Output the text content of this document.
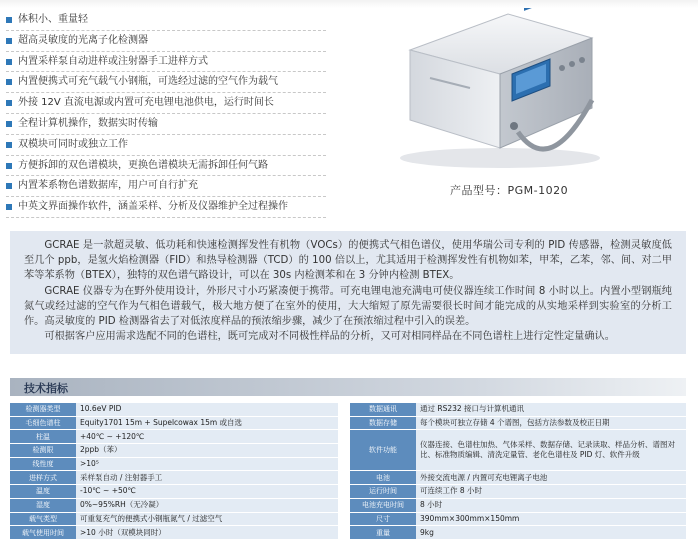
体积小、重量轻
超高灵敏度的光离子化检测器
内置采样泵自动进样或注射器手工进样方式
内置便携式可充气载气小钢瓶，可选经过滤的空气作为载气
外接 12V 直流电源或内置可充电锂电池供电，运行时间长
全程计算机操作，数据实时传输
双模块可同时或独立工作
方便拆卸的双色谱模块，更换色谱模块无需拆卸任何气路
内置苯系物色谱数据库，用户可自行扩充
中英文界面操作软件，涵盖采样、分析及仪器维护全过程操作
产品型号：PGM-1020

GCRAE 是一款超灵敏、低功耗和快速检测挥发性有机物（VOCs）的便携式气相色谱仪，使用华瑞公司专利的 PID 传感器，检测灵敏度低至几个 ppb，是氢火焰检测器（FID）和热导检测器（TCD）的 100 倍以上，尤其适用于检测挥发性有机物如苯，甲苯，乙苯，邻、间、对二甲苯等苯系物（BTEX），独特的双色谱气路设计，可以在 30s 内检测苯和在 3 分钟内检测 BTEX。

GCRAE 仪器专为在野外使用设计，外形尺寸小巧紧凑便于携带。可充电锂电池充满电可使仪器连续工作时间 8 小时以上。内置小型钢瓶纯氮气或经过滤的空气作为气相色谱载气，极大地方便了在室外的使用，大大缩短了原先需要很长时间才能完成的从实地采样到实验室的分析工作。高灵敏度的 PID 检测器省去了对低浓度样品的预浓缩步骤，减少了在预浓缩过程中引入的误差。

可根据客户应用需求选配不同的色谱柱，既可完成对不同极性样品的分析，又可对相同样品在不同色谱柱上进行定性定量确认。

技术指标
检测器类型	10.6eV PID		数据通讯	通过 RS232 接口与计算机通讯
毛细色谱柱	Equity1701 15m + Supelcowax 15m 或自选		数据存储	每个模块可独立存储 4 个谱图，包括方法参数及校正日期
柱温	+40℃ ~ +120℃		软件功能	仪器连接、色谱柱加热、气体采样、数据存储、记录读取、样品分析、谱图对比、标准物质编辑、清洗定量管、老化色谱柱及 PID 灯、软件升级
检测限	2ppb（苯）			
线性度	>10⁵			
进样方式	采样泵自动 / 注射器手工		电池	外接交流电源 / 内置可充电锂离子电池
温度	-10℃ ~ +50℃		运行时间	可连续工作 8 小时
湿度	0%~95%RH（无冷凝）		电池充电时间	8 小时
载气类型	可重复充气的便携式小钢瓶氮气 / 过滤空气		尺寸	390mm×300mm×150mm
载气使用时间	>10 小时（双模块同时）		重量	9kg
